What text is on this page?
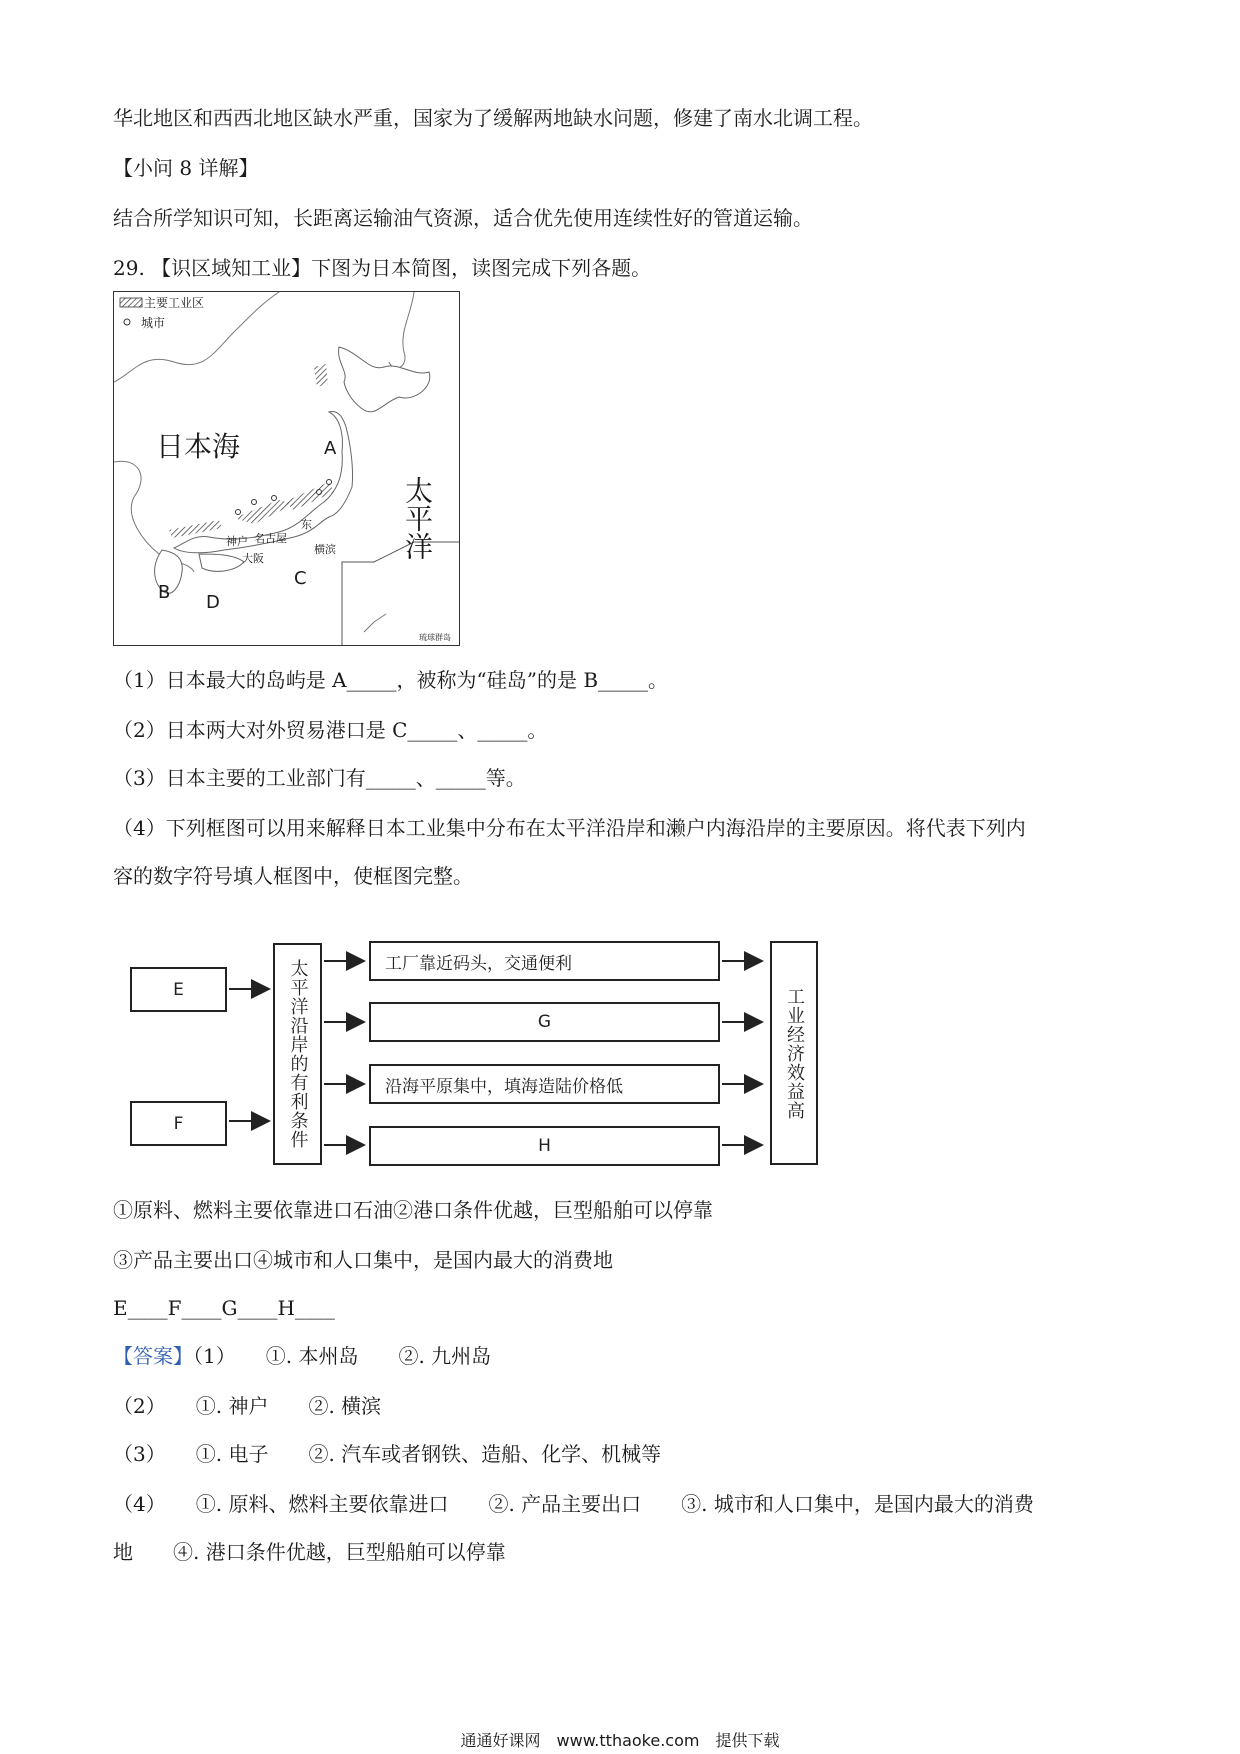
华北地区和西西北地区缺水严重，国家为了缓解两地缺水问题，修建了南水北调工程。
【小问 8 详解】
结合所学知识可知，长距离运输油气资源，适合优先使用连续性好的管道运输。
29. 【识区域知工业】下图为日本简图，读图完成下列各题。
主要工业区
城市
日本海
太平洋
A
B
C
D
神户 名古屋
大阪
横滨
东
琉球群岛
（1）日本最大的岛屿是 A_____，被称为“硅岛”的是 B_____。
（2）日本两大对外贸易港口是 C_____、_____。
（3）日本主要的工业部门有_____、_____等。
（4）下列框图可以用来解释日本工业集中分布在太平洋沿岸和濑户内海沿岸的主要原因。将代表下列内
容的数字符号填人框图中，使框图完整。
E
F	太平洋沿岸的有利条件	工厂靠近码头，交通便利
G
沿海平原集中，填海造陆价格低
H
工业经济效益高
①原料、燃料主要依靠进口石油②港口条件优越，巨型船舶可以停靠
③产品主要出口④城市和人口集中，是国内最大的消费地
E____F____G____H____
【答案】（1）　　①. 本州岛　　②. 九州岛
（2）　　①. 神户　　②. 横滨
（3）　　①. 电子　　②. 汽车或者钢铁、造船、化学、机械等
（4）　　①. 原料、燃料主要依靠进口　　②. 产品主要出口　　③. 城市和人口集中，是国内最大的消费
地　　④. 港口条件优越，巨型船舶可以停靠
通通好课网　www.tthaoke.com　提供下载
